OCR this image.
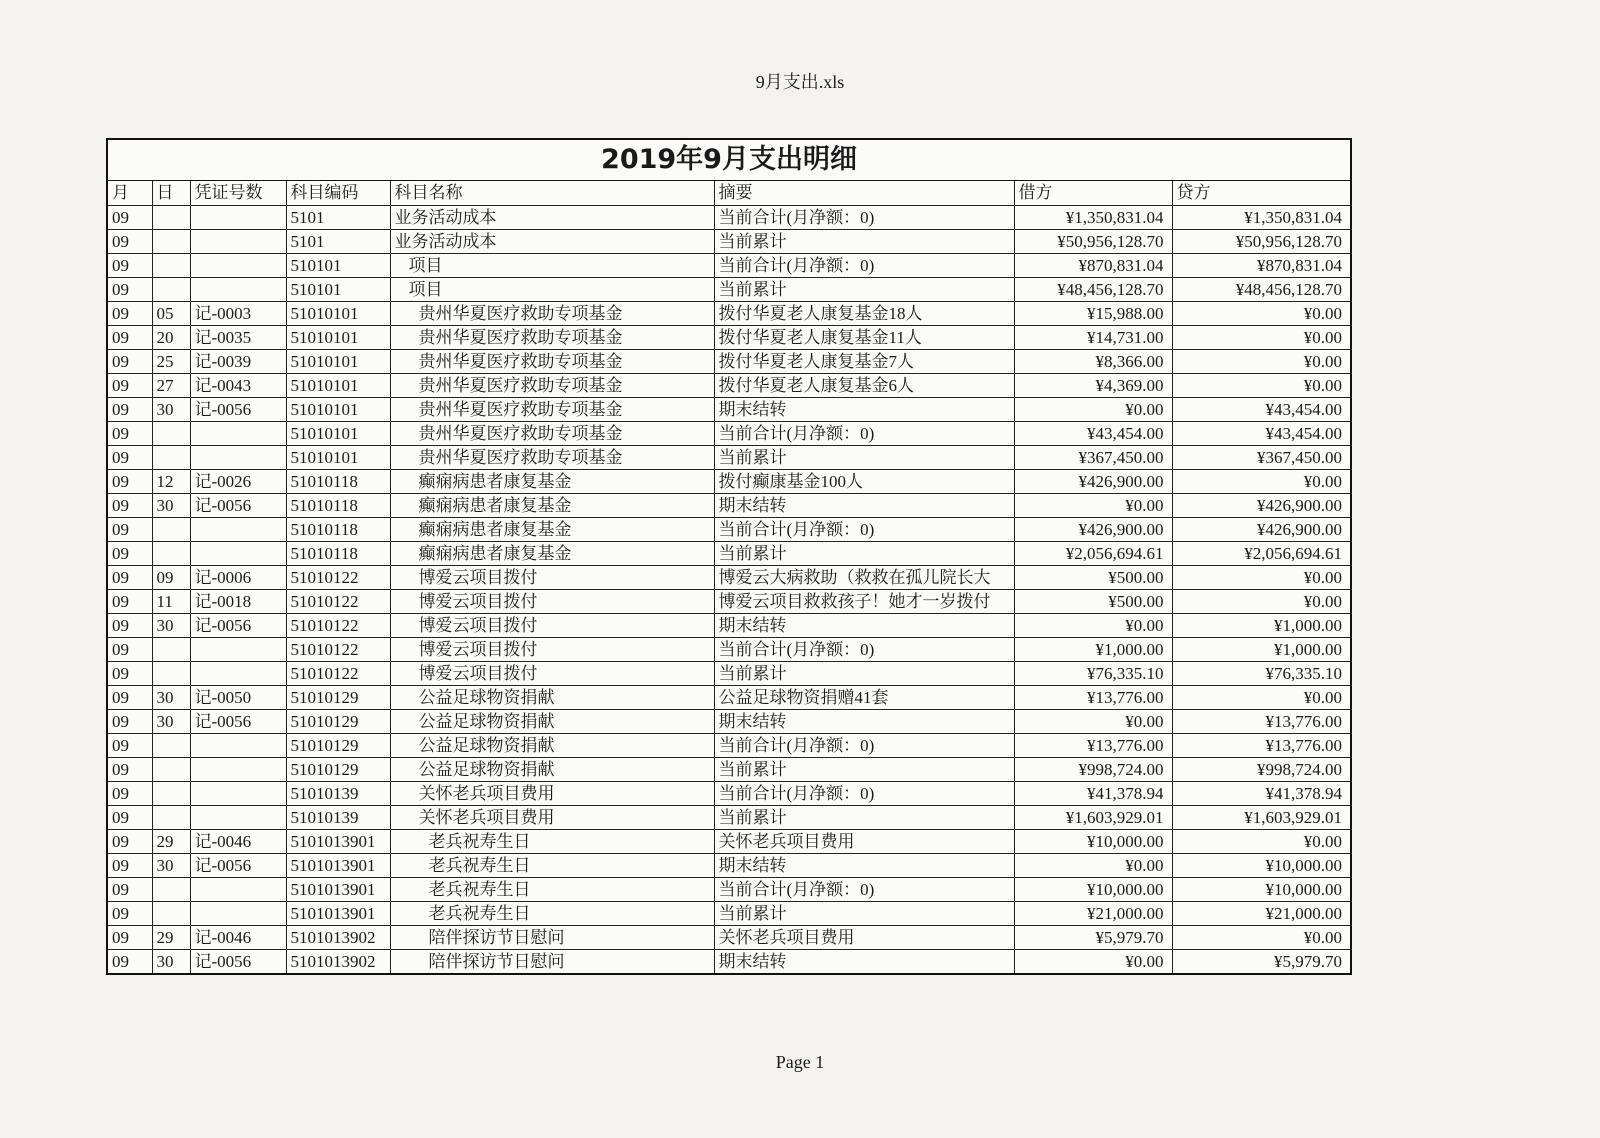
9月支出.xls
2019年9月支出明细
月	日	凭证号数	科目编码	科目名称	摘要	借方	贷方
09			5101	业务活动成本	当前合计(月净额：0)	¥1,350,831.04	¥1,350,831.04
09			5101	业务活动成本	当前累计	¥50,956,128.70	¥50,956,128.70
09			510101	项目	当前合计(月净额：0)	¥870,831.04	¥870,831.04
09			510101	项目	当前累计	¥48,456,128.70	¥48,456,128.70
09	05	记-0003	51010101	贵州华夏医疗救助专项基金	拨付华夏老人康复基金18人	¥15,988.00	¥0.00
09	20	记-0035	51010101	贵州华夏医疗救助专项基金	拨付华夏老人康复基金11人	¥14,731.00	¥0.00
09	25	记-0039	51010101	贵州华夏医疗救助专项基金	拨付华夏老人康复基金7人	¥8,366.00	¥0.00
09	27	记-0043	51010101	贵州华夏医疗救助专项基金	拨付华夏老人康复基金6人	¥4,369.00	¥0.00
09	30	记-0056	51010101	贵州华夏医疗救助专项基金	期末结转	¥0.00	¥43,454.00
09			51010101	贵州华夏医疗救助专项基金	当前合计(月净额：0)	¥43,454.00	¥43,454.00
09			51010101	贵州华夏医疗救助专项基金	当前累计	¥367,450.00	¥367,450.00
09	12	记-0026	51010118	癫痫病患者康复基金	拨付癫康基金100人	¥426,900.00	¥0.00
09	30	记-0056	51010118	癫痫病患者康复基金	期末结转	¥0.00	¥426,900.00
09			51010118	癫痫病患者康复基金	当前合计(月净额：0)	¥426,900.00	¥426,900.00
09			51010118	癫痫病患者康复基金	当前累计	¥2,056,694.61	¥2,056,694.61
09	09	记-0006	51010122	博爱云项目拨付	博爱云大病救助（救救在孤儿院长大	¥500.00	¥0.00
09	11	记-0018	51010122	博爱云项目拨付	博爱云项目救救孩子！她才一岁拨付	¥500.00	¥0.00
09	30	记-0056	51010122	博爱云项目拨付	期末结转	¥0.00	¥1,000.00
09			51010122	博爱云项目拨付	当前合计(月净额：0)	¥1,000.00	¥1,000.00
09			51010122	博爱云项目拨付	当前累计	¥76,335.10	¥76,335.10
09	30	记-0050	51010129	公益足球物资捐献	公益足球物资捐赠41套	¥13,776.00	¥0.00
09	30	记-0056	51010129	公益足球物资捐献	期末结转	¥0.00	¥13,776.00
09			51010129	公益足球物资捐献	当前合计(月净额：0)	¥13,776.00	¥13,776.00
09			51010129	公益足球物资捐献	当前累计	¥998,724.00	¥998,724.00
09			51010139	关怀老兵项目费用	当前合计(月净额：0)	¥41,378.94	¥41,378.94
09			51010139	关怀老兵项目费用	当前累计	¥1,603,929.01	¥1,603,929.01
09	29	记-0046	5101013901	老兵祝寿生日	关怀老兵项目费用	¥10,000.00	¥0.00
09	30	记-0056	5101013901	老兵祝寿生日	期末结转	¥0.00	¥10,000.00
09			5101013901	老兵祝寿生日	当前合计(月净额：0)	¥10,000.00	¥10,000.00
09			5101013901	老兵祝寿生日	当前累计	¥21,000.00	¥21,000.00
09	29	记-0046	5101013902	陪伴探访节日慰问	关怀老兵项目费用	¥5,979.70	¥0.00
09	30	记-0056	5101013902	陪伴探访节日慰问	期末结转	¥0.00	¥5,979.70
Page 1
